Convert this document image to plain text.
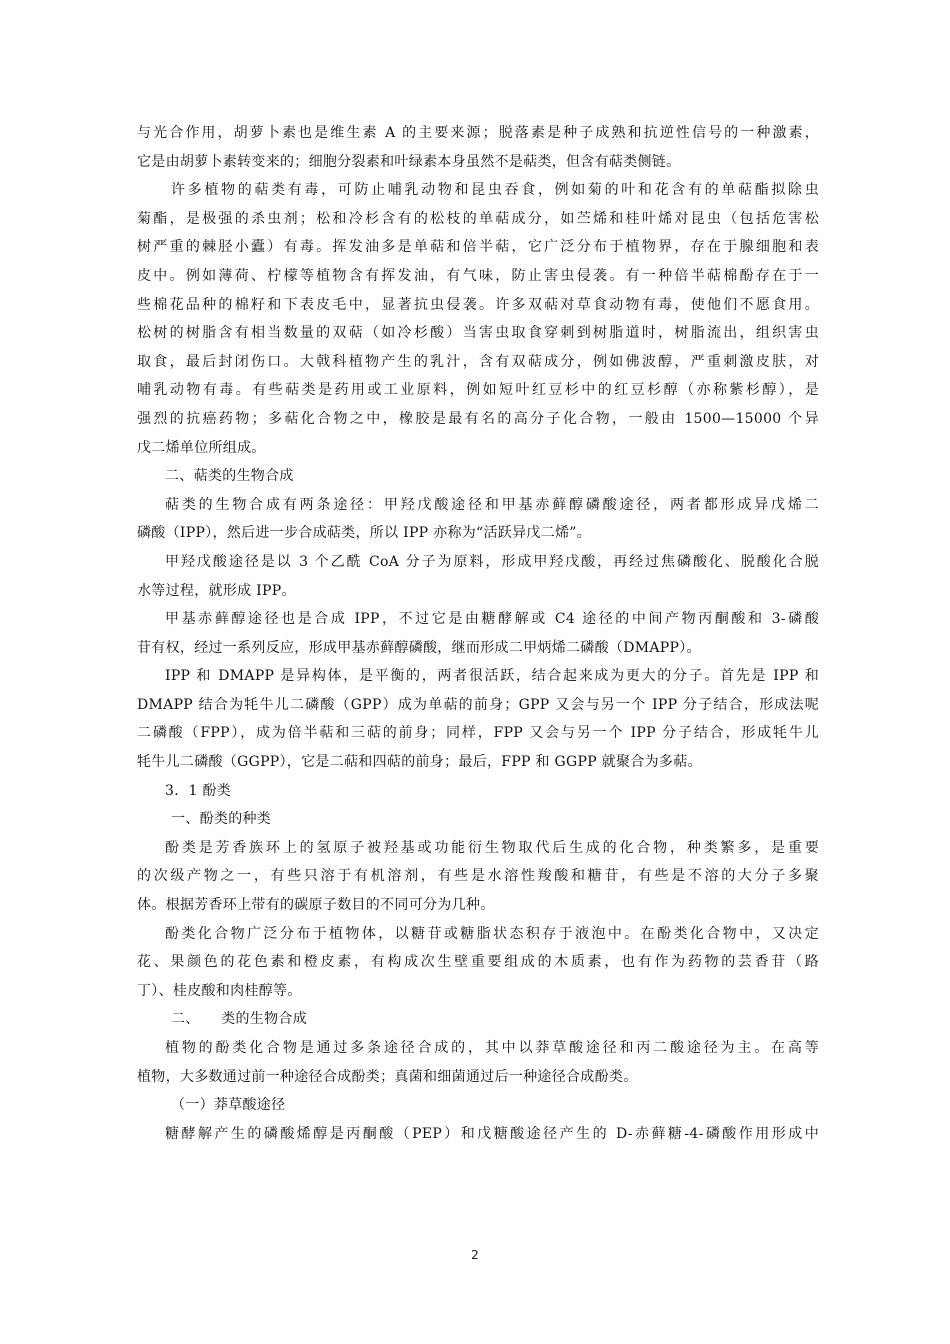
与光合作用，胡萝卜素也是维生素 A 的主要来源；脱落素是种子成熟和抗逆性信号的一种激素，
它是由胡萝卜素转变来的；细胞分裂素和叶绿素本身虽然不是萜类，但含有萜类侧链。
许多植物的萜类有毒，可防止哺乳动物和昆虫吞食，例如菊的叶和花含有的单萜酯拟除虫
菊酯，是极强的杀虫剂；松和冷杉含有的松枝的单萜成分，如苎烯和桂叶烯对昆虫（包括危害松
树严重的棘胫小蠹）有毒。挥发油多是单萜和倍半萜，它广泛分布于植物界，存在于腺细胞和表
皮中。例如薄荷、柠檬等植物含有挥发油，有气味，防止害虫侵袭。有一种倍半萜棉酚存在于一
些棉花品种的棉籽和下表皮毛中，显著抗虫侵袭。许多双萜对草食动物有毒，使他们不愿食用。
松树的树脂含有相当数量的双萜（如冷杉酸）当害虫取食穿刺到树脂道时，树脂流出，组织害虫
取食，最后封闭伤口。大戟科植物产生的乳汁，含有双萜成分，例如佛波醇，严重刺激皮肤，对
哺乳动物有毒。有些萜类是药用或工业原料，例如短叶红豆杉中的红豆杉醇（亦称紫杉醇），是
强烈的抗癌药物；多萜化合物之中，橡胶是最有名的高分子化合物，一般由 1500—15000 个异
戊二烯单位所组成。
二、萜类的生物合成
萜类的生物合成有两条途径：甲羟戊酸途径和甲基赤藓醇磷酸途径，两者都形成异戊烯二
磷酸（IPP），然后进一步合成萜类，所以 IPP 亦称为“活跃异戊二烯”。
甲羟戊酸途径是以 3 个乙酰 CoA 分子为原料，形成甲羟戊酸，再经过焦磷酸化、脱酸化合脱
水等过程，就形成 IPP。
甲基赤藓醇途径也是合成 IPP，不过它是由糖酵解或 C4 途径的中间产物丙酮酸和 3-磷酸
苷有权，经过一系列反应，形成甲基赤藓醇磷酸，继而形成二甲炳烯二磷酸（DMAPP）。
IPP 和 DMAPP 是异构体，是平衡的，两者很活跃，结合起来成为更大的分子。首先是 IPP 和
DMAPP 结合为牦牛儿二磷酸（GPP）成为单萜的前身；GPP 又会与另一个 IPP 分子结合，形成法呢
二磷酸（FPP），成为倍半萜和三萜的前身；同样，FPP 又会与另一个 IPP 分子结合，形成牦牛儿
牦牛儿二磷酸（GGPP），它是二萜和四萜的前身；最后，FPP 和 GGPP 就聚合为多萜。
3．1 酚类
一、酚类的种类
酚类是芳香族环上的氢原子被羟基或功能衍生物取代后生成的化合物，种类繁多，是重要
的次级产物之一，有些只溶于有机溶剂，有些是水溶性羧酸和糖苷，有些是不溶的大分子多聚
体。根据芳香环上带有的碳原子数目的不同可分为几种。
酚类化合物广泛分布于植物体，以糖苷或糖脂状态积存于液泡中。在酚类化合物中，又决定
花、果颜色的花色素和橙皮素，有构成次生壁重要组成的木质素，也有作为药物的芸香苷（路
丁）、桂皮酸和肉桂醇等。
二、　　类的生物合成
植物的酚类化合物是通过多条途径合成的，其中以莽草酸途径和丙二酸途径为主。在高等
植物，大多数通过前一种途径合成酚类；真菌和细菌通过后一种途径合成酚类。
（一）莽草酸途径
糖酵解产生的磷酸烯醇是丙酮酸（PEP）和戊糖酸途径产生的 D-赤藓糖-4-磷酸作用形成中
2
